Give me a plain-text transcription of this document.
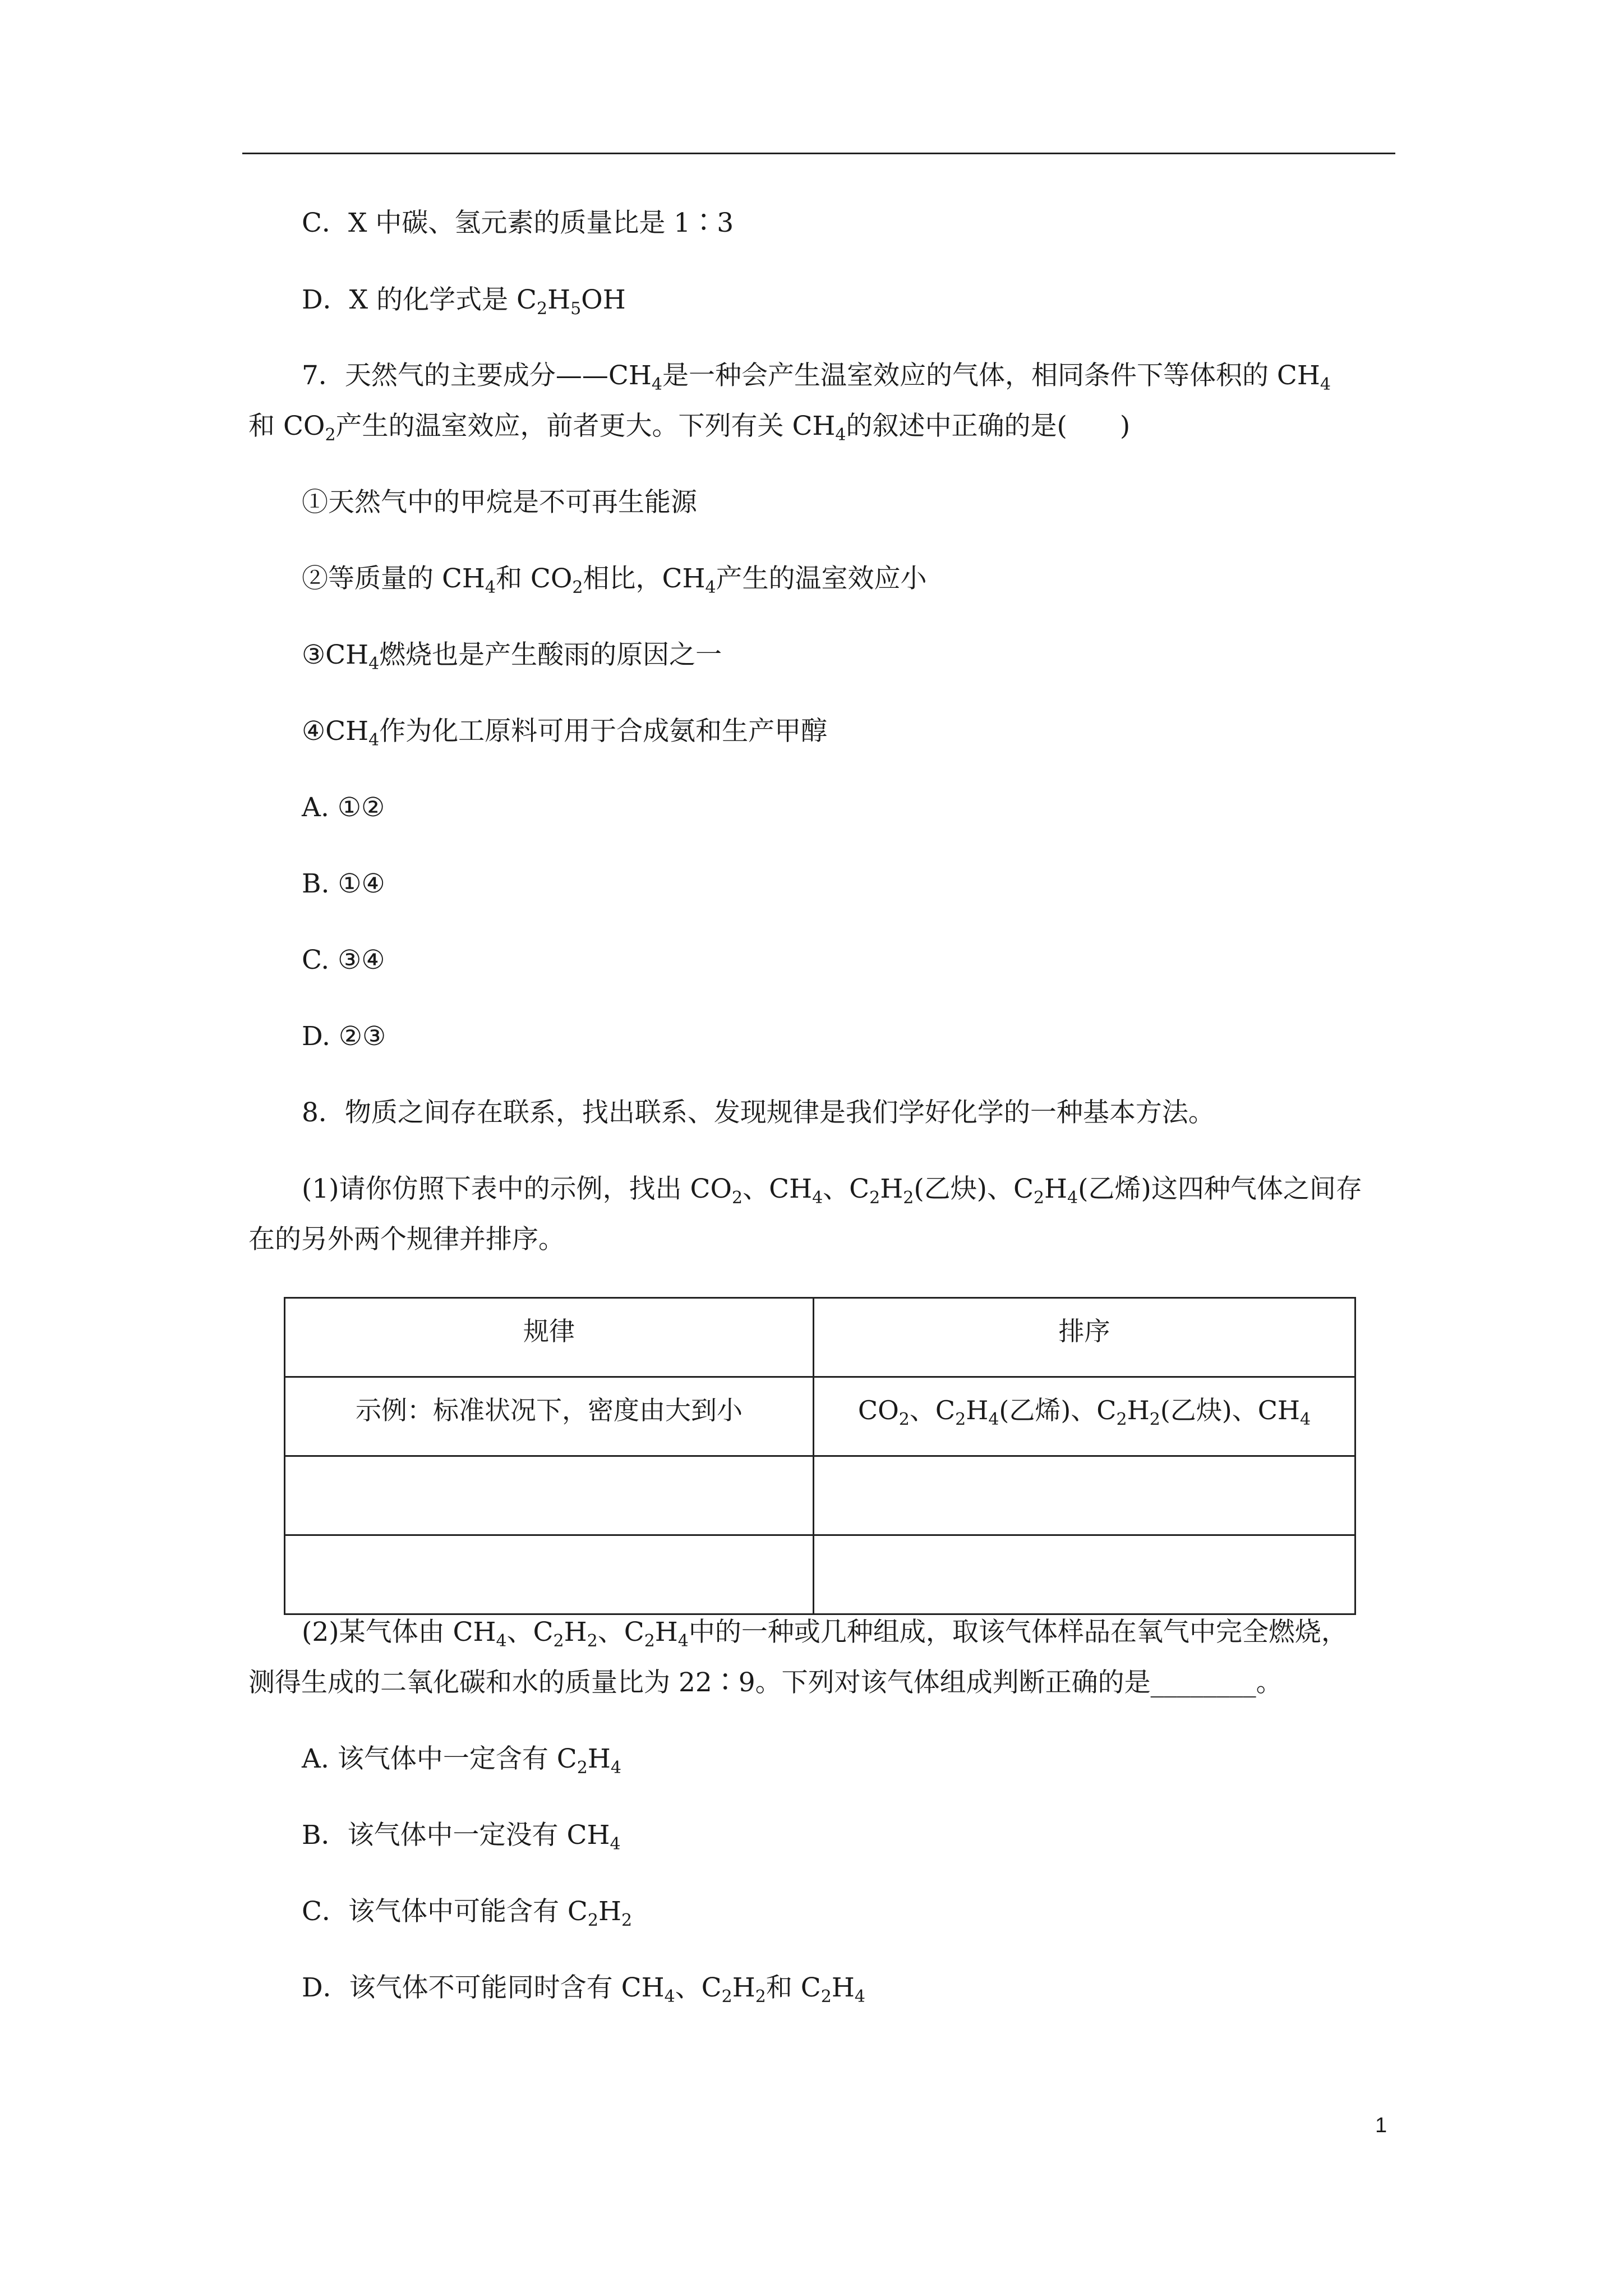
C．X 中碳、氢元素的质量比是 1∶3
D．X 的化学式是 $C_2H_5OH$
7．天然气的主要成分$——CH_4$是一种会产生温室效应的气体，相同条件下等体积的 $CH_4$
和 $CO_2$产生的温室效应，前者更大。下列有关 $CH_4$的叙述中正确的是(　　)
①天然气中的甲烷是不可再生能源
②等质量的 $CH_4$和 $CO_2$相比，$CH_4$产生的温室效应小
$③CH_4$燃烧也是产生酸雨的原因之一
$④CH_4$作为化工原料可用于合成氨和生产甲醇
A. ①②
B. ①④
C. ③④
D. ②③
8．物质之间存在联系，找出联系、发现规律是我们学好化学的一种基本方法。
(1)请你仿照下表中的示例，找出 $CO_2$、$CH_4$、$C_2H_2$(乙炔)、$C_2H_4$(乙烯)这四种气体之间存
在的另外两个规律并排序。
规律	排序
示例：标准状况下，密度由大到小	$CO_2$、$C_2H_4$(乙烯)、$C_2H_2$(乙炔)、$CH_4$

(2)某气体由 $CH_4$、$C_2H_2$、$C_2H_4$中的一种或几种组成，取该气体样品在氧气中完全燃烧，
测得生成的二氧化碳和水的质量比为 22∶9。下列对该气体组成判断正确的是________。
A. 该气体中一定含有 $C_2H_4$
B．该气体中一定没有 $CH_4$
C．该气体中可能含有 $C_2H_2$
D．该气体不可能同时含有 $CH_4$、$C_2H_2$和 $C_2H_4$
1
